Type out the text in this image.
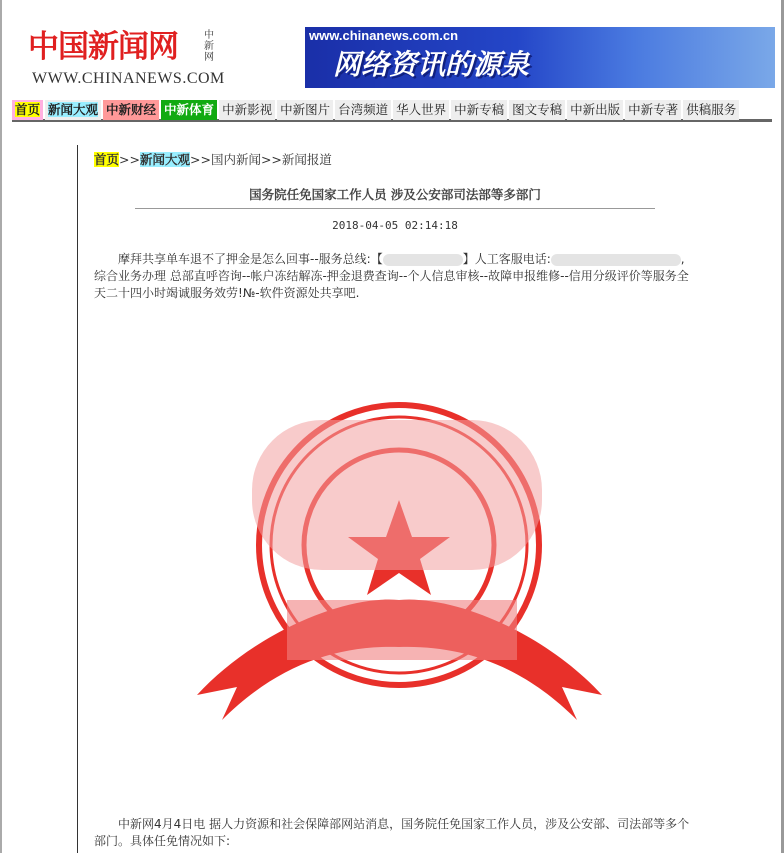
中国新闻网	中新网
WWW.CHINANEWS.COM
www.chinanews.com.cn
网络资讯的源泉
首页 新闻大观 中新财经 中新体育 中新影视 中新图片 台湾频道 华人世界 中新专稿 图文专稿 中新出版 中新专著 供稿服务
首页>>新闻大观>>国内新闻>>新闻报道
国务院任免国家工作人员 涉及公安部司法部等多部门
2018-04-05 02:14:18
摩拜共享单车退不了押金是怎么回事--服务总线:【	】人工客服电话:	,综合业务办理 总部直呼咨询--帐户冻结解冻-押金退费查询--个人信息审核--故障申报维修--信用分级评价等服务全天二十四小时竭诚服务效劳!№-软件资源处共享吧.
中新网4月4日电 据人力资源和社会保障部网站消息，国务院任免国家工作人员，涉及公安部、司法部等多个部门。具体任免情况如下:
